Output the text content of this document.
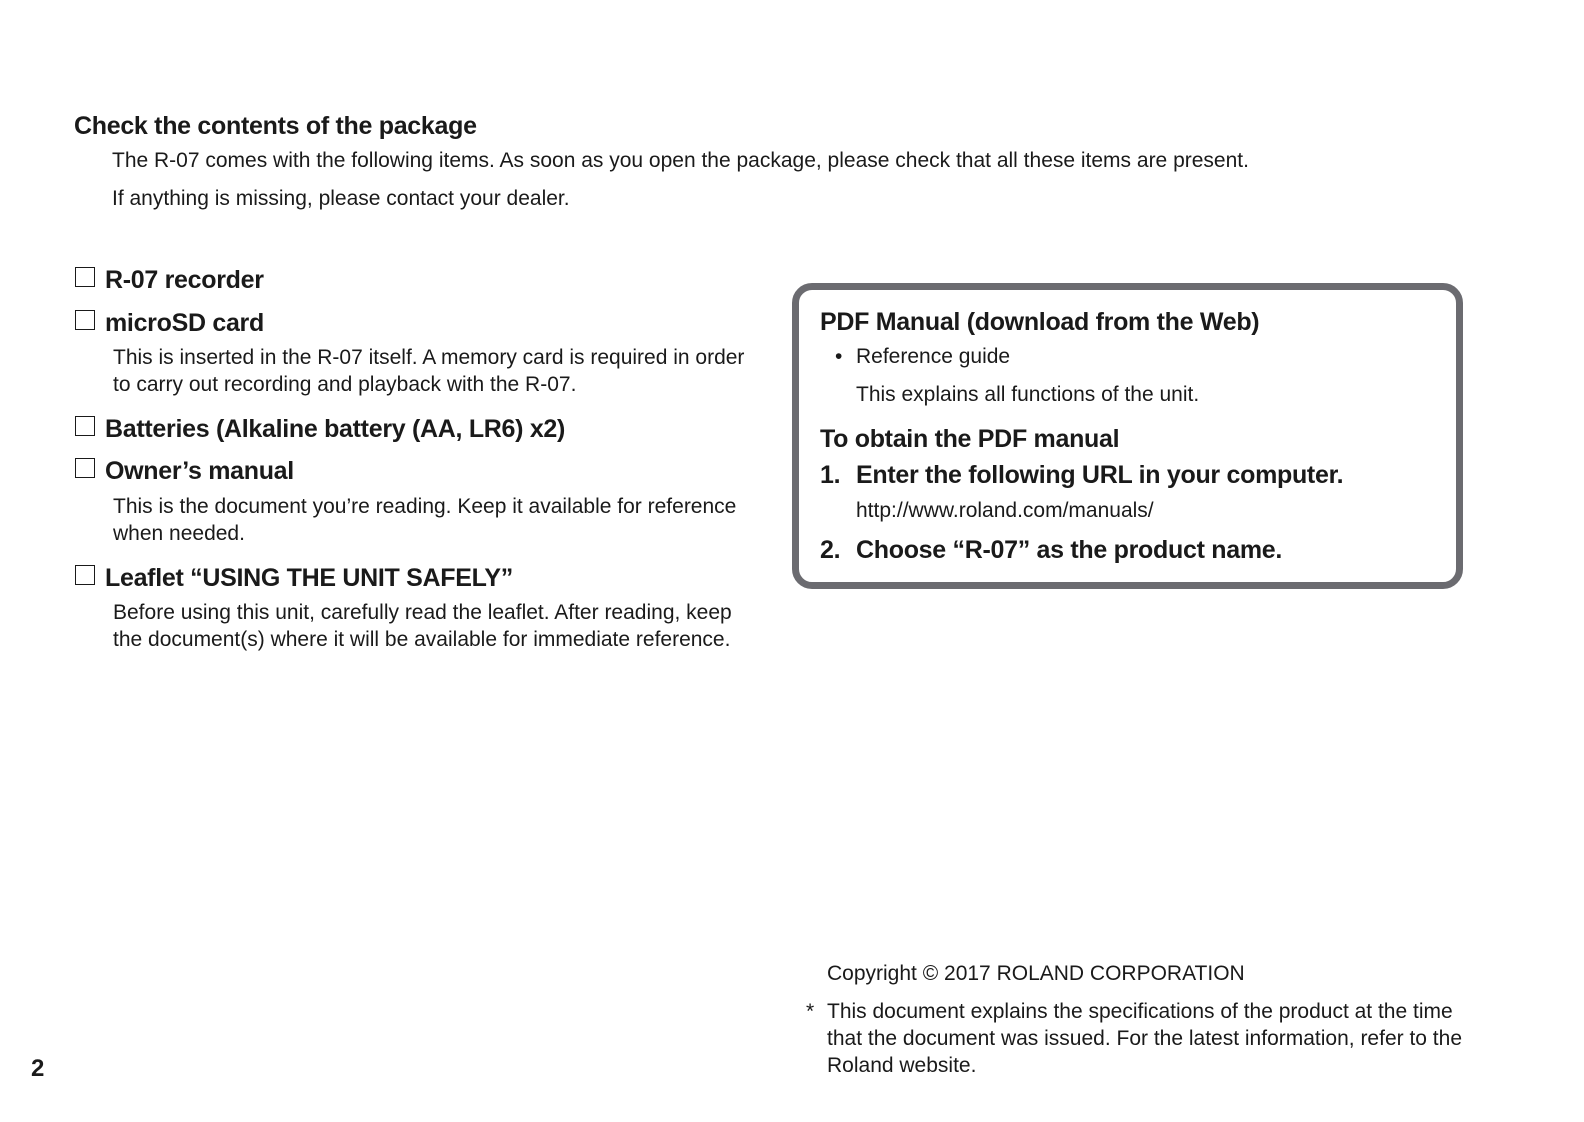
Check the contents of the package
The R-07 comes with the following items. As soon as you open the package, please check that all these items are present.
If anything is missing, please contact your dealer.
R-07 recorder
microSD card
This is inserted in the R-07 itself. A memory card is required in order to carry out recording and playback with the R-07.
Batteries (Alkaline battery (AA, LR6) x2)
Owner’s manual
This is the document you’re reading. Keep it available for reference when needed.
Leaflet “USING THE UNIT SAFELY”
Before using this unit, carefully read the leaflet. After reading, keep the document(s) where it will be available for immediate reference.
PDF Manual (download from the Web)
• Reference guide
This explains all functions of the unit.
To obtain the PDF manual
1. Enter the following URL in your computer.
http://www.roland.com/manuals/
2. Choose “R-07” as the product name.
Copyright © 2017 ROLAND CORPORATION
* This document explains the specifications of the product at the time that the document was issued. For the latest information, refer to the Roland website.
2
